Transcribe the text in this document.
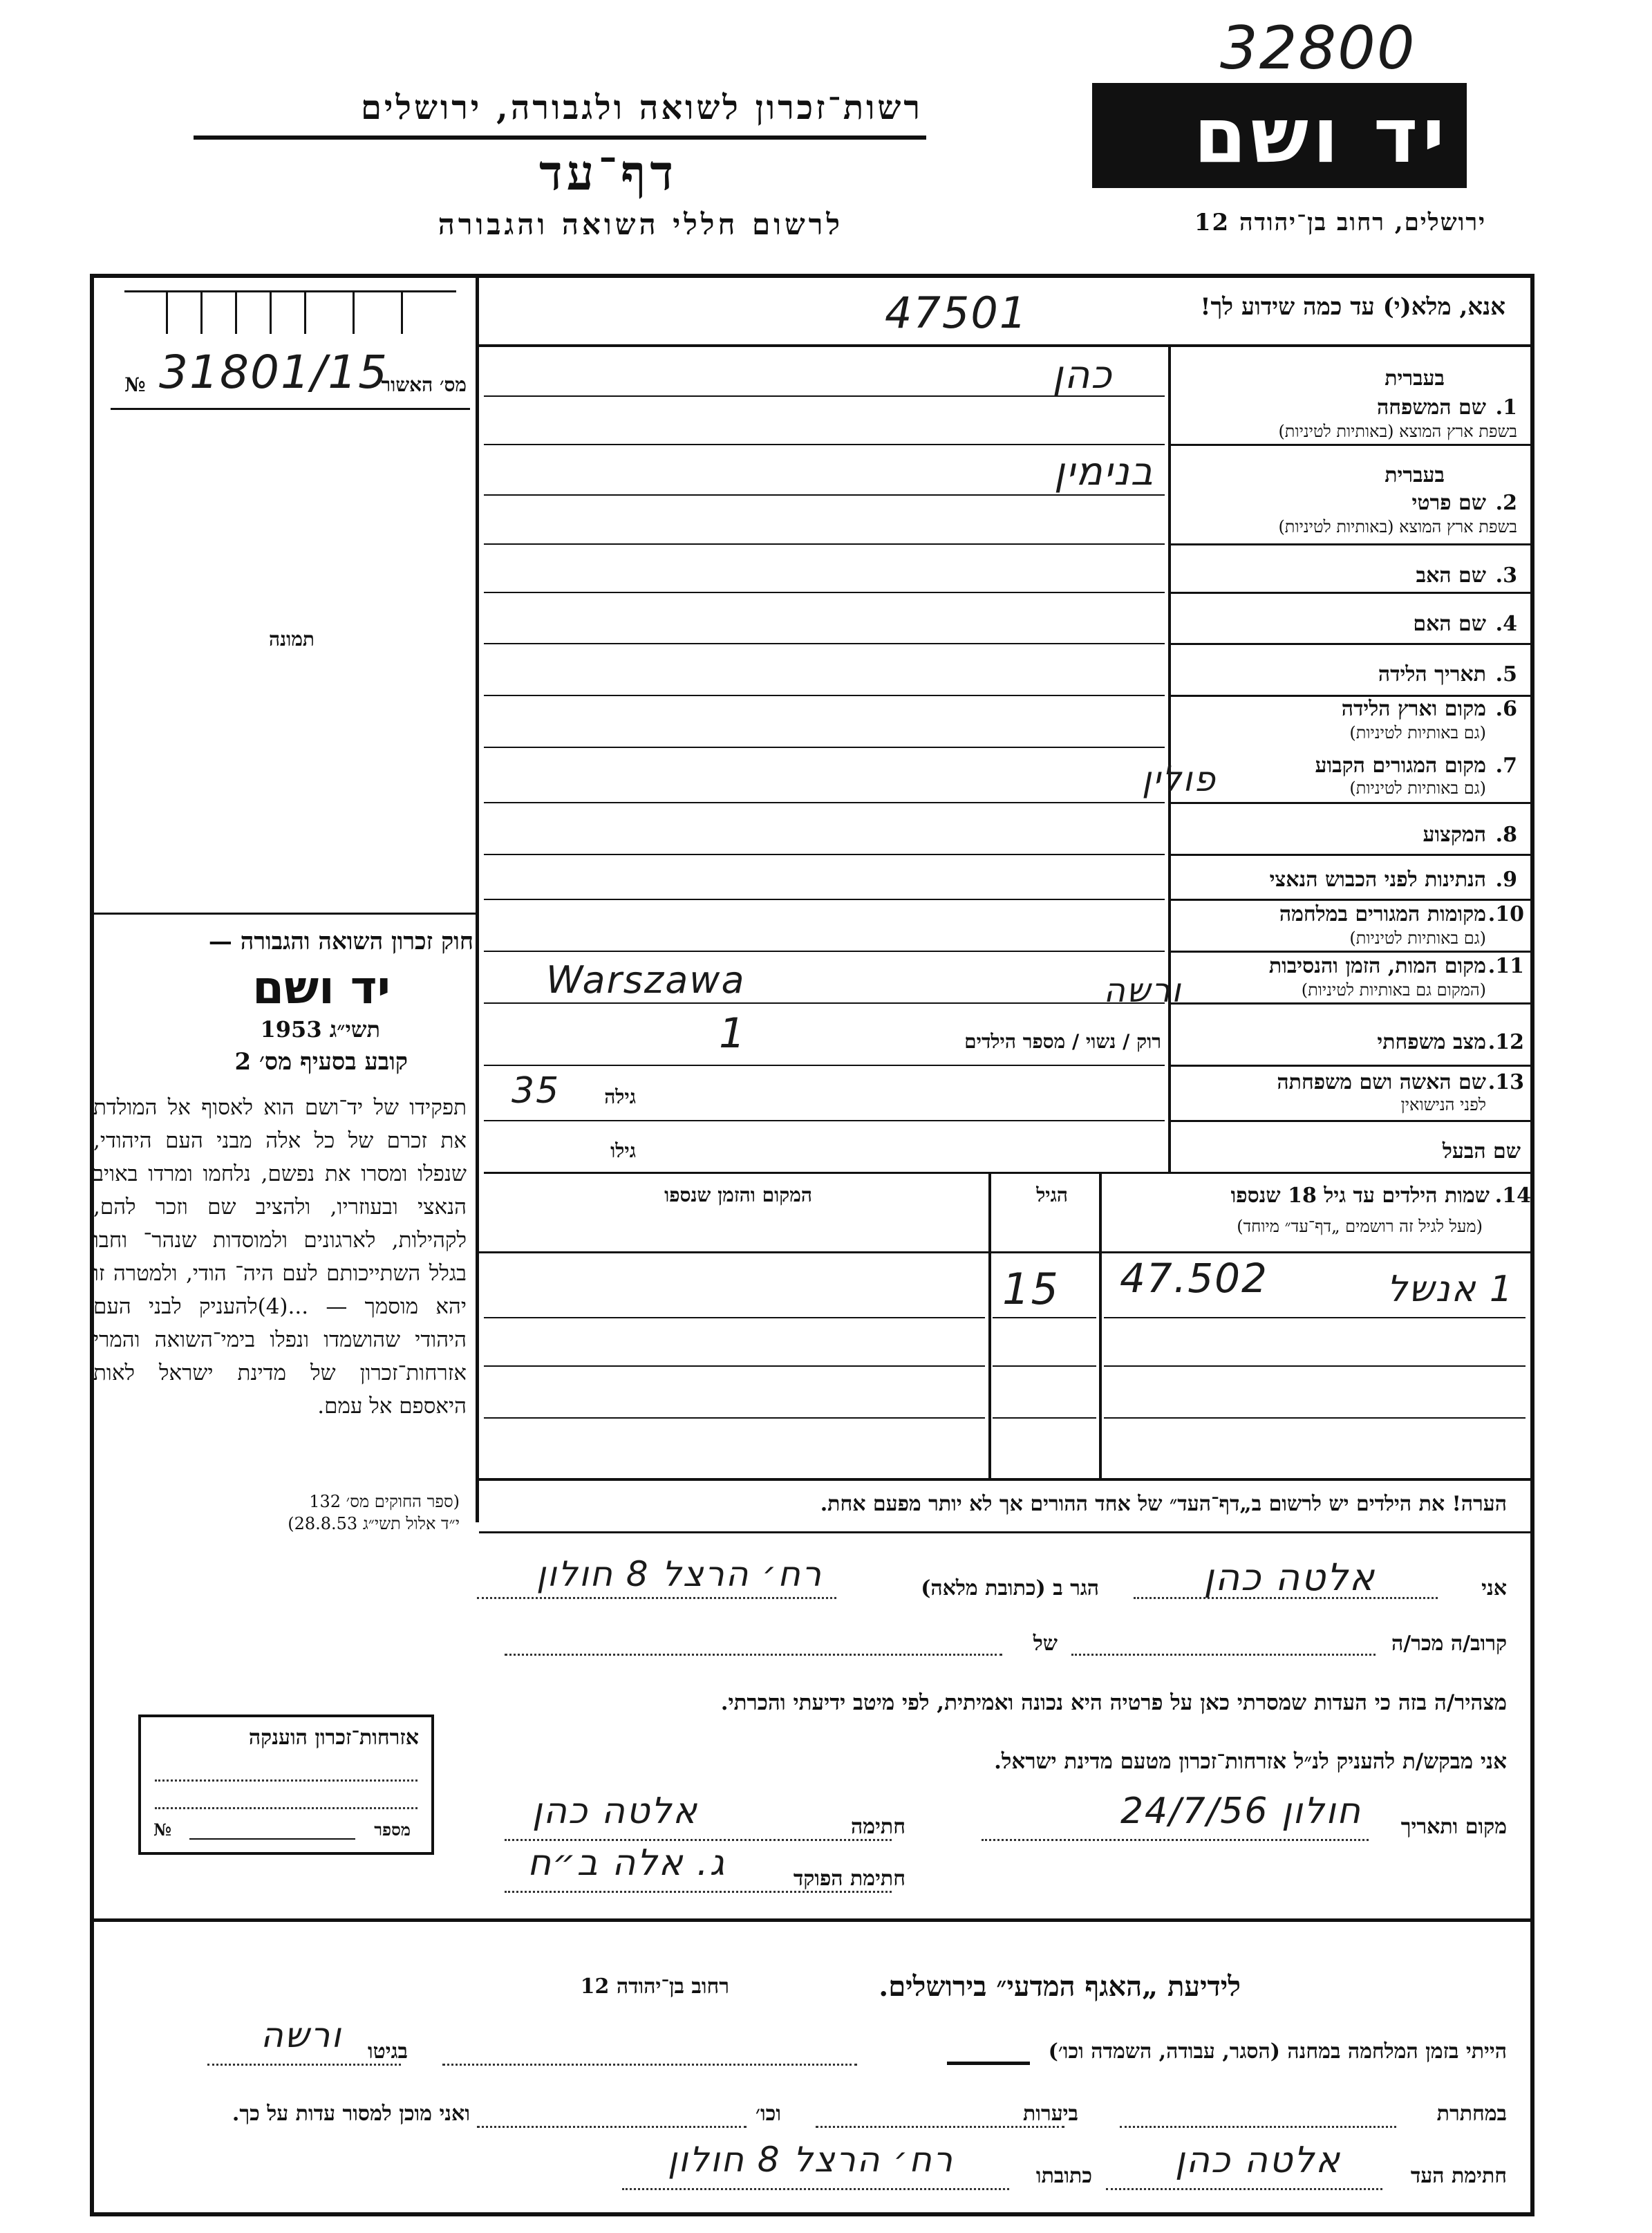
32800
רשות־זכרון לשואה ולגבורה, ירושלים
דף־עד
לרשום חללי השואה והגבורה
יד ושם
ירושלים, רחוב בן־יהודה 12
אנא, מלא(י) עד כמה שידוע לך!
47501
מס׳ האשור
№ 31801/15
תמונה
חוק זכרון השואה והגבורה —
יד ושם
תשי״ג 1953
קובע בסעיף מס׳ 2
תפקידו של יד־ושם הוא לאסוף אל המולדת את זכרם של כל אלה מבני העם היהודי, שנפלו ומסרו את נפשם, נלחמו ומרדו באויב הנאצי ובעוזריו, ולהציב שם וזכר להם, לקהילות, לארגונים ולמוסדות שנהר־ וחבו בגלל השתייכותם לעם היה־ הודי, ולמטרה זו יהא מוסמך — ...(4)להעניק לבני העם היהודי שהושמדו ונפלו בימי־השואה והמרי אזרחות־זכרון של מדינת ישראל לאות היאספם אל עמם.
(ספר החוקים מס׳ 132
י״ד אלול תשי״ג 28.8.53)
1.
שם המשפחה
בשפת ארץ המוצא (באותיות לטיניות)
בעברית
כהן
2.
שם פרטי
בשפת ארץ המוצא (באותיות לטיניות)
בעברית
בנימין
3.
שם האב
4.
שם האם
5.
תאריך הלידה
6.
מקום וארץ הלידה
(גם באותיות לטיניות)
7.
מקום המגורים הקבוע
(גם באותיות לטיניות)
פולין
8.
המקצוע
9.
הנתינות לפני הכבוש הנאצי
10.
מקומות המגורים במלחמה
(גם באותיות לטיניות)
11.
מקום המות, הזמן והנסיבות
(המקום גם באותיות לטיניות)
Warszawa	ורשה
12.
מצב משפחתי
רוק / נשוי / מספר הילדים
1
13.
שם האשה ושם משפחתה
לפני הנישואין
גילה
35
שם הבעל
גילו
14.
שמות הילדים עד גיל 18 שנספו
(מעל לגיל זה רושמים „דף־עד״ מיוחד)
הגיל
המקום והזמן שנספו
1 אנשל
47.502
15
הערה! את הילדים יש לרשום ב„דף־העד״ של אחד ההורים אך לא יותר מפעם אחת.
אני
אלטה כהן
הגר ב (כתובת מלאה)
רח׳ הרצל 8 חולון
קרוב/ה מכר/ה
של
מצהיר/ה בזה כי העדות שמסרתי כאן על פרטיה היא נכונה ואמיתית, לפי מיטב ידיעתי והכרתי.
אני מבקש/ת להעניק לנ״ל אזרחות־זכרון מטעם מדינת ישראל.
מקום ותאריך
חולון 24/7/56
חתימה
אלטה כהן
חתימת הפוקד
ג. אלה ב״ח
אזרחות־זכרון הוענקה
מספר
№
לידיעת „האגף המדעי״ בירושלים.
רחוב בן־יהודה 12
הייתי בזמן המלחמה במחנה (הסגר, עבודה, השמדה וכו׳)
בגיטו
ורשה
במחתרת
ביערות
וכו׳
ואני מוכן למסור עדות על כך.
חתימת העד
אלטה כהן
כתובתו
רח׳ הרצל 8 חולון
